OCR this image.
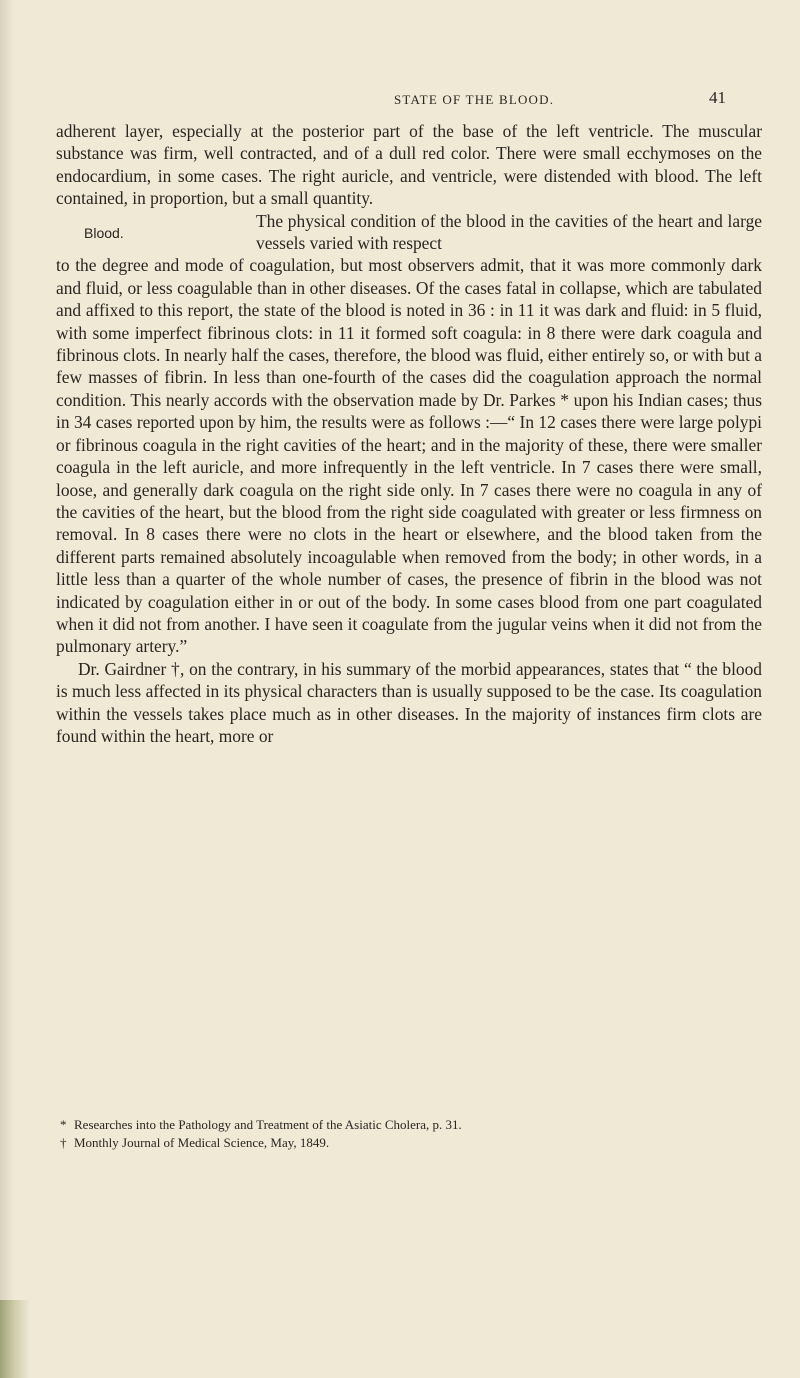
STATE OF THE BLOOD.	41

adherent layer, especially at the posterior part of the base of the left ventricle. The muscular substance was firm, well contracted, and of a dull red color. There were small ecchymoses on the endocardium, in some cases. The right auricle, and ventricle, were distended with blood. The left contained, in proportion, but a small quantity.

Blood.

The physical condition of the blood in the cavities of the heart and large vessels varied with respect

to the degree and mode of coagulation, but most observers admit, that it was more commonly dark and fluid, or less coagulable than in other diseases. Of the cases fatal in collapse, which are tabulated and affixed to this report, the state of the blood is noted in 36 : in 11 it was dark and fluid: in 5 fluid, with some imperfect fibrinous clots: in 11 it formed soft coagula: in 8 there were dark coagula and fibrinous clots. In nearly half the cases, therefore, the blood was fluid, either entirely so, or with but a few masses of fibrin. In less than one-fourth of the cases did the coagulation approach the normal condition. This nearly accords with the observation made by Dr. Parkes * upon his Indian cases; thus in 34 cases reported upon by him, the results were as follows :—“ In 12 cases there were large polypi or fibrinous coagula in the right cavities of the heart; and in the majority of these, there were smaller coagula in the left auricle, and more infrequently in the left ventricle. In 7 cases there were small, loose, and generally dark coagula on the right side only. In 7 cases there were no coagula in any of the cavities of the heart, but the blood from the right side coagulated with greater or less firmness on removal. In 8 cases there were no clots in the heart or elsewhere, and the blood taken from the different parts remained absolutely incoagulable when removed from the body; in other words, in a little less than a quarter of the whole number of cases, the presence of fibrin in the blood was not indicated by coagulation either in or out of the body. In some cases blood from one part coagulated when it did not from another. I have seen it coagulate from the jugular veins when it did not from the pulmonary artery.”

Dr. Gairdner †, on the contrary, in his summary of the morbid appearances, states that “ the blood is much less affected in its physical characters than is usually supposed to be the case. Its coagulation within the vessels takes place much as in other diseases. In the majority of instances firm clots are found within the heart, more or

* Researches into the Pathology and Treatment of the Asiatic Cholera, p. 31.
† Monthly Journal of Medical Science, May, 1849.
